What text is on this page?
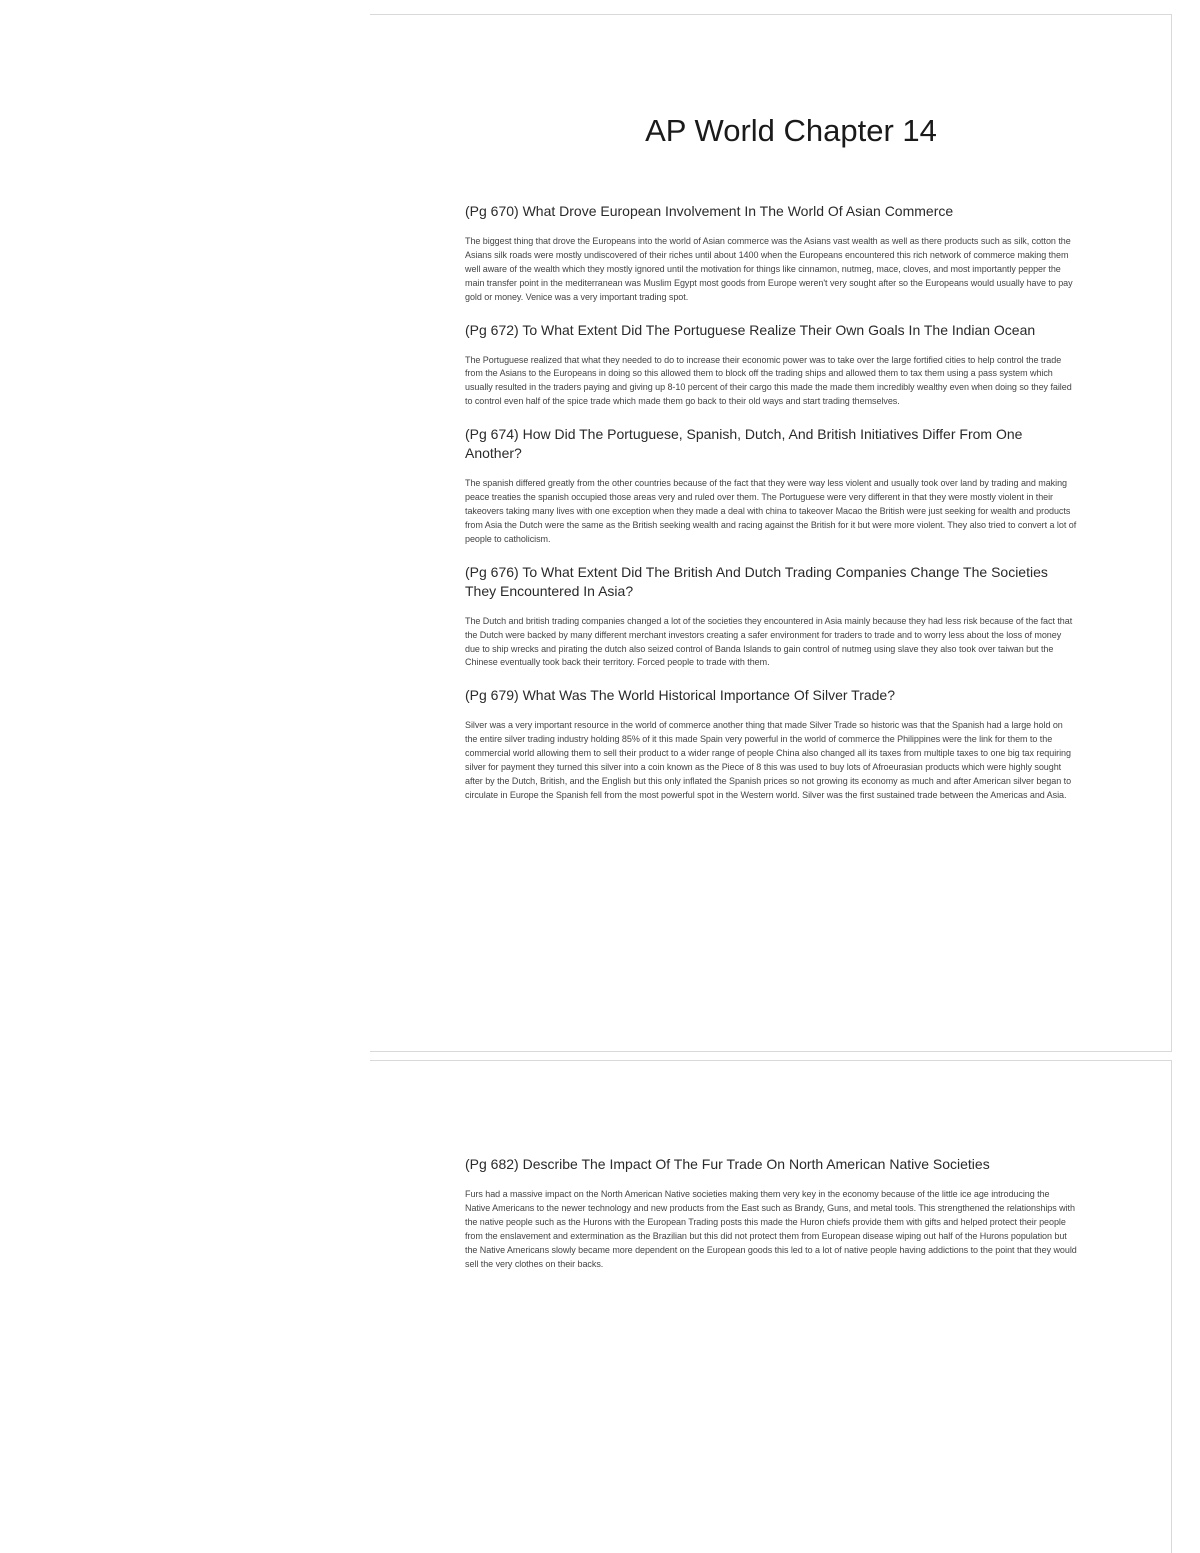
AP World Chapter 14
(Pg 670) What Drove European Involvement In The World Of Asian Commerce

The biggest thing that drove the Europeans into the world of Asian commerce was the Asians vast wealth as well as there products such as silk, cotton the Asians silk roads were mostly undiscovered of their riches until about 1400 when the Europeans encountered this rich network of commerce making them well aware of the wealth which they mostly ignored until the motivation for things like cinnamon, nutmeg, mace, cloves, and most importantly pepper the main transfer point in the mediterranean was Muslim Egypt most goods from Europe weren't very sought after so the Europeans would usually have to pay gold or money. Venice was a very important trading spot.

(Pg 672) To What Extent Did The Portuguese Realize Their Own Goals In The Indian Ocean

The Portuguese realized that what they needed to do to increase their economic power was to take over the large fortified cities to help control the trade from the Asians to the Europeans in doing so this allowed them to block off the trading ships and allowed them to tax them using a pass system which usually resulted in the traders paying and giving up 8-10 percent of their cargo this made the made them incredibly wealthy even when doing so they failed to control even half of the spice trade which made them go back to their old ways and start trading themselves.

(Pg 674) How Did The Portuguese, Spanish, Dutch, And British Initiatives Differ From One Another?

The spanish differed greatly from the other countries because of the fact that they were way less violent and usually took over land by trading and making peace treaties the spanish occupied those areas very and ruled over them. The Portuguese were very different in that they were mostly violent in their takeovers taking many lives with one exception when they made a deal with china to takeover Macao the British were just seeking for wealth and products from Asia the Dutch were the same as the British seeking wealth and racing against the British for it but were more violent. They also tried to convert a lot of people to catholicism.

(Pg 676) To What Extent Did The British And Dutch Trading Companies Change The Societies They Encountered In Asia?

The Dutch and british trading companies changed a lot of the societies they encountered in Asia mainly because they had less risk because of the fact that the Dutch were backed by many different merchant investors creating a safer environment for traders to trade and to worry less about the loss of money due to ship wrecks and pirating the dutch also seized control of Banda Islands to gain control of nutmeg using slave they also took over taiwan but the Chinese eventually took back their territory. Forced people to trade with them.

(Pg 679) What Was The World Historical Importance Of Silver Trade?

Silver was a very important resource in the world of commerce another thing that made Silver Trade so historic was that the Spanish had a large hold on the entire silver trading industry holding 85% of it this made Spain very powerful in the world of commerce the Philippines were the link for them to the commercial world allowing them to sell their product to a wider range of people China also changed all its taxes from multiple taxes to one big tax requiring silver for payment they turned this silver into a coin known as the Piece of 8 this was used to buy lots of Afroeurasian products which were highly sought after by the Dutch, British, and the English but this only inflated the Spanish prices so not growing its economy as much and after American silver began to circulate in Europe the Spanish fell from the most powerful spot in the Western world. Silver was the first sustained trade between the Americas and Asia.

(Pg 682) Describe The Impact Of The Fur Trade On North American Native Societies

Furs had a massive impact on the North American Native societies making them very key in the economy because of the little ice age introducing the Native Americans to the newer technology and new products from the East such as Brandy, Guns, and metal tools. This strengthened the relationships with the native people such as the Hurons with the European Trading posts this made the Huron chiefs provide them with gifts and helped protect their people from the enslavement and extermination as the Brazilian but this did not protect them from European disease wiping out half of the Hurons population but the Native Americans slowly became more dependent on the European goods this led to a lot of native people having addictions to the point that they would sell the very clothes on their backs.
